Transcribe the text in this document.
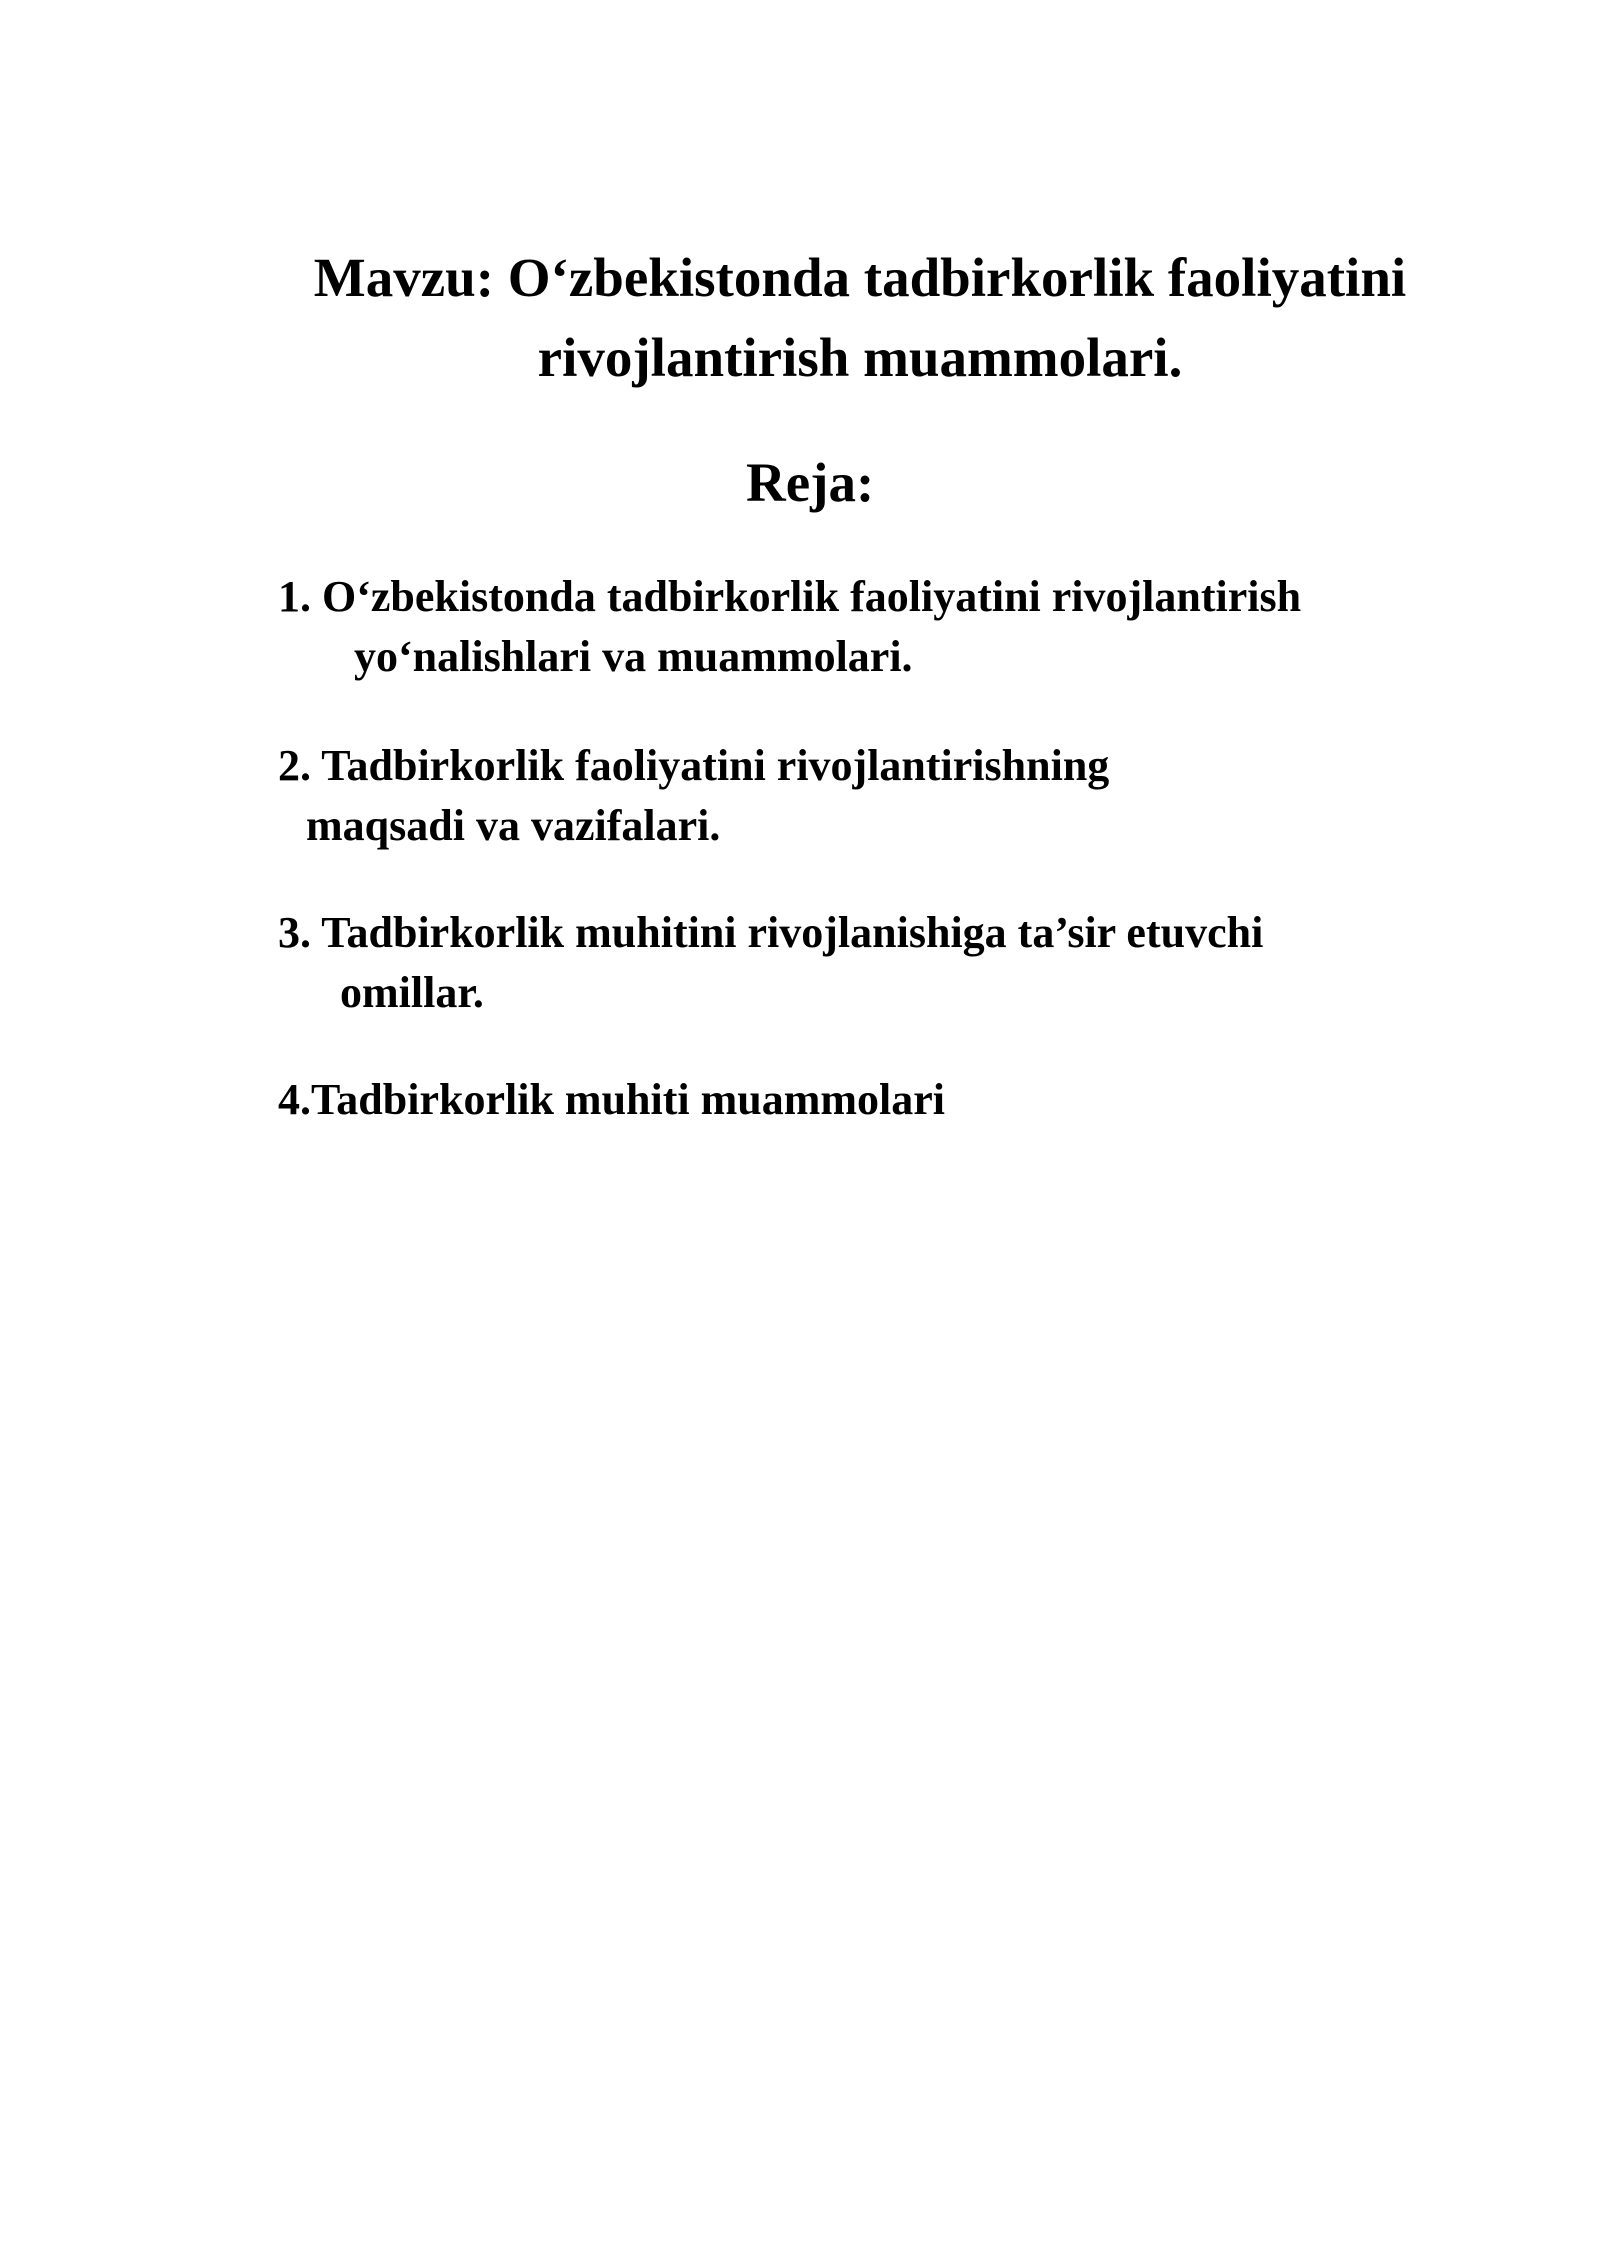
Mavzu: O‘zbekistonda tadbirkorlik faoliyatini
rivojlantirish muammolari.
Reja:
1. O‘zbekistonda tadbirkorlik faoliyatini rivojlantirish
yo‘nalishlari va muammolari.
2. Tadbirkorlik faoliyatini rivojlantirishning
maqsadi va vazifalari.
3. Tadbirkorlik muhitini rivojlanishiga ta’sir etuvchi
omillar.
4.Tadbirkorlik muhiti muammolari
